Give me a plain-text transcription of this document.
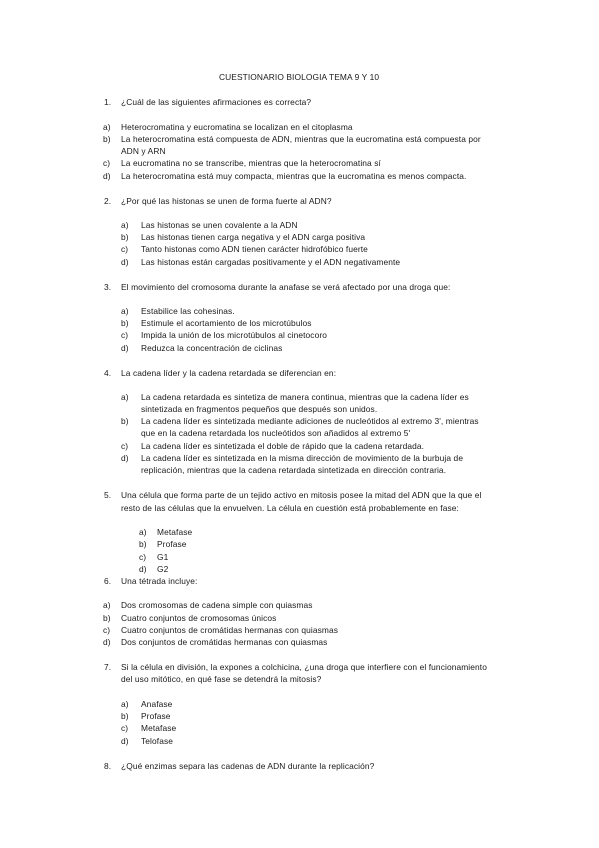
CUESTIONARIO BIOLOGIA TEMA 9 Y 10
1. ¿Cuál de las siguientes afirmaciones es correcta?
a) Heterocromatina y eucromatina se localizan en el citoplasma
b) La heterocromatina está compuesta de ADN, mientras que la eucromatina está compuesta por
ADN y ARN
c) La eucromatina no se transcribe, mientras que la heterocromatina sí
d) La heterocromatina está muy compacta, mientras que la eucromatina es menos compacta.
2. ¿Por qué las histonas se unen de forma fuerte al ADN?
a) Las histonas se unen covalente a la ADN
b) Las histonas tienen carga negativa y el ADN carga positiva
c) Tanto histonas como ADN tienen carácter hidrofóbico fuerte
d) Las histonas están cargadas positivamente y el ADN negativamente
3. El movimiento del cromosoma durante la anafase se verá afectado por una droga que:
a) Estabilice las cohesinas.
b) Estimule el acortamiento de los microtúbulos
c) Impida la unión de los microtúbulos al cinetocoro
d) Reduzca la concentración de ciclinas
4. La cadena líder y la cadena retardada se diferencian en:
a) La cadena retardada es sintetiza de manera continua, mientras que la cadena líder es
sintetizada en fragmentos pequeños que después son unidos.
b) La cadena líder es sintetizada mediante adiciones de nucleótidos al extremo 3', mientras
que en la cadena retardada los nucleótidos son añadidos al extremo 5'
c) La cadena líder es sintetizada el doble de rápido que la cadena retardada.
d) La cadena líder es sintetizada en la misma dirección de movimiento de la burbuja de
replicación, mientras que la cadena retardada sintetizada en dirección contraria.
5. Una célula que forma parte de un tejido activo en mitosis posee la mitad del ADN que la que el
resto de las células que la envuelven. La célula en cuestión está probablemente en fase:
a) Metafase
b) Profase
c) G1
d) G2
6. Una tétrada incluye:
a) Dos cromosomas de cadena simple con quiasmas
b) Cuatro conjuntos de cromosomas únicos
c) Cuatro conjuntos de cromátidas hermanas con quiasmas
d) Dos conjuntos de cromátidas hermanas con quiasmas
7. Si la célula en división, la expones a colchicina, ¿una droga que interfiere con el funcionamiento
del uso mitótico, en qué fase se detendrá la mitosis?
a) Anafase
b) Profase
c) Metafase
d) Telofase
8. ¿Qué enzimas separa las cadenas de ADN durante la replicación?
